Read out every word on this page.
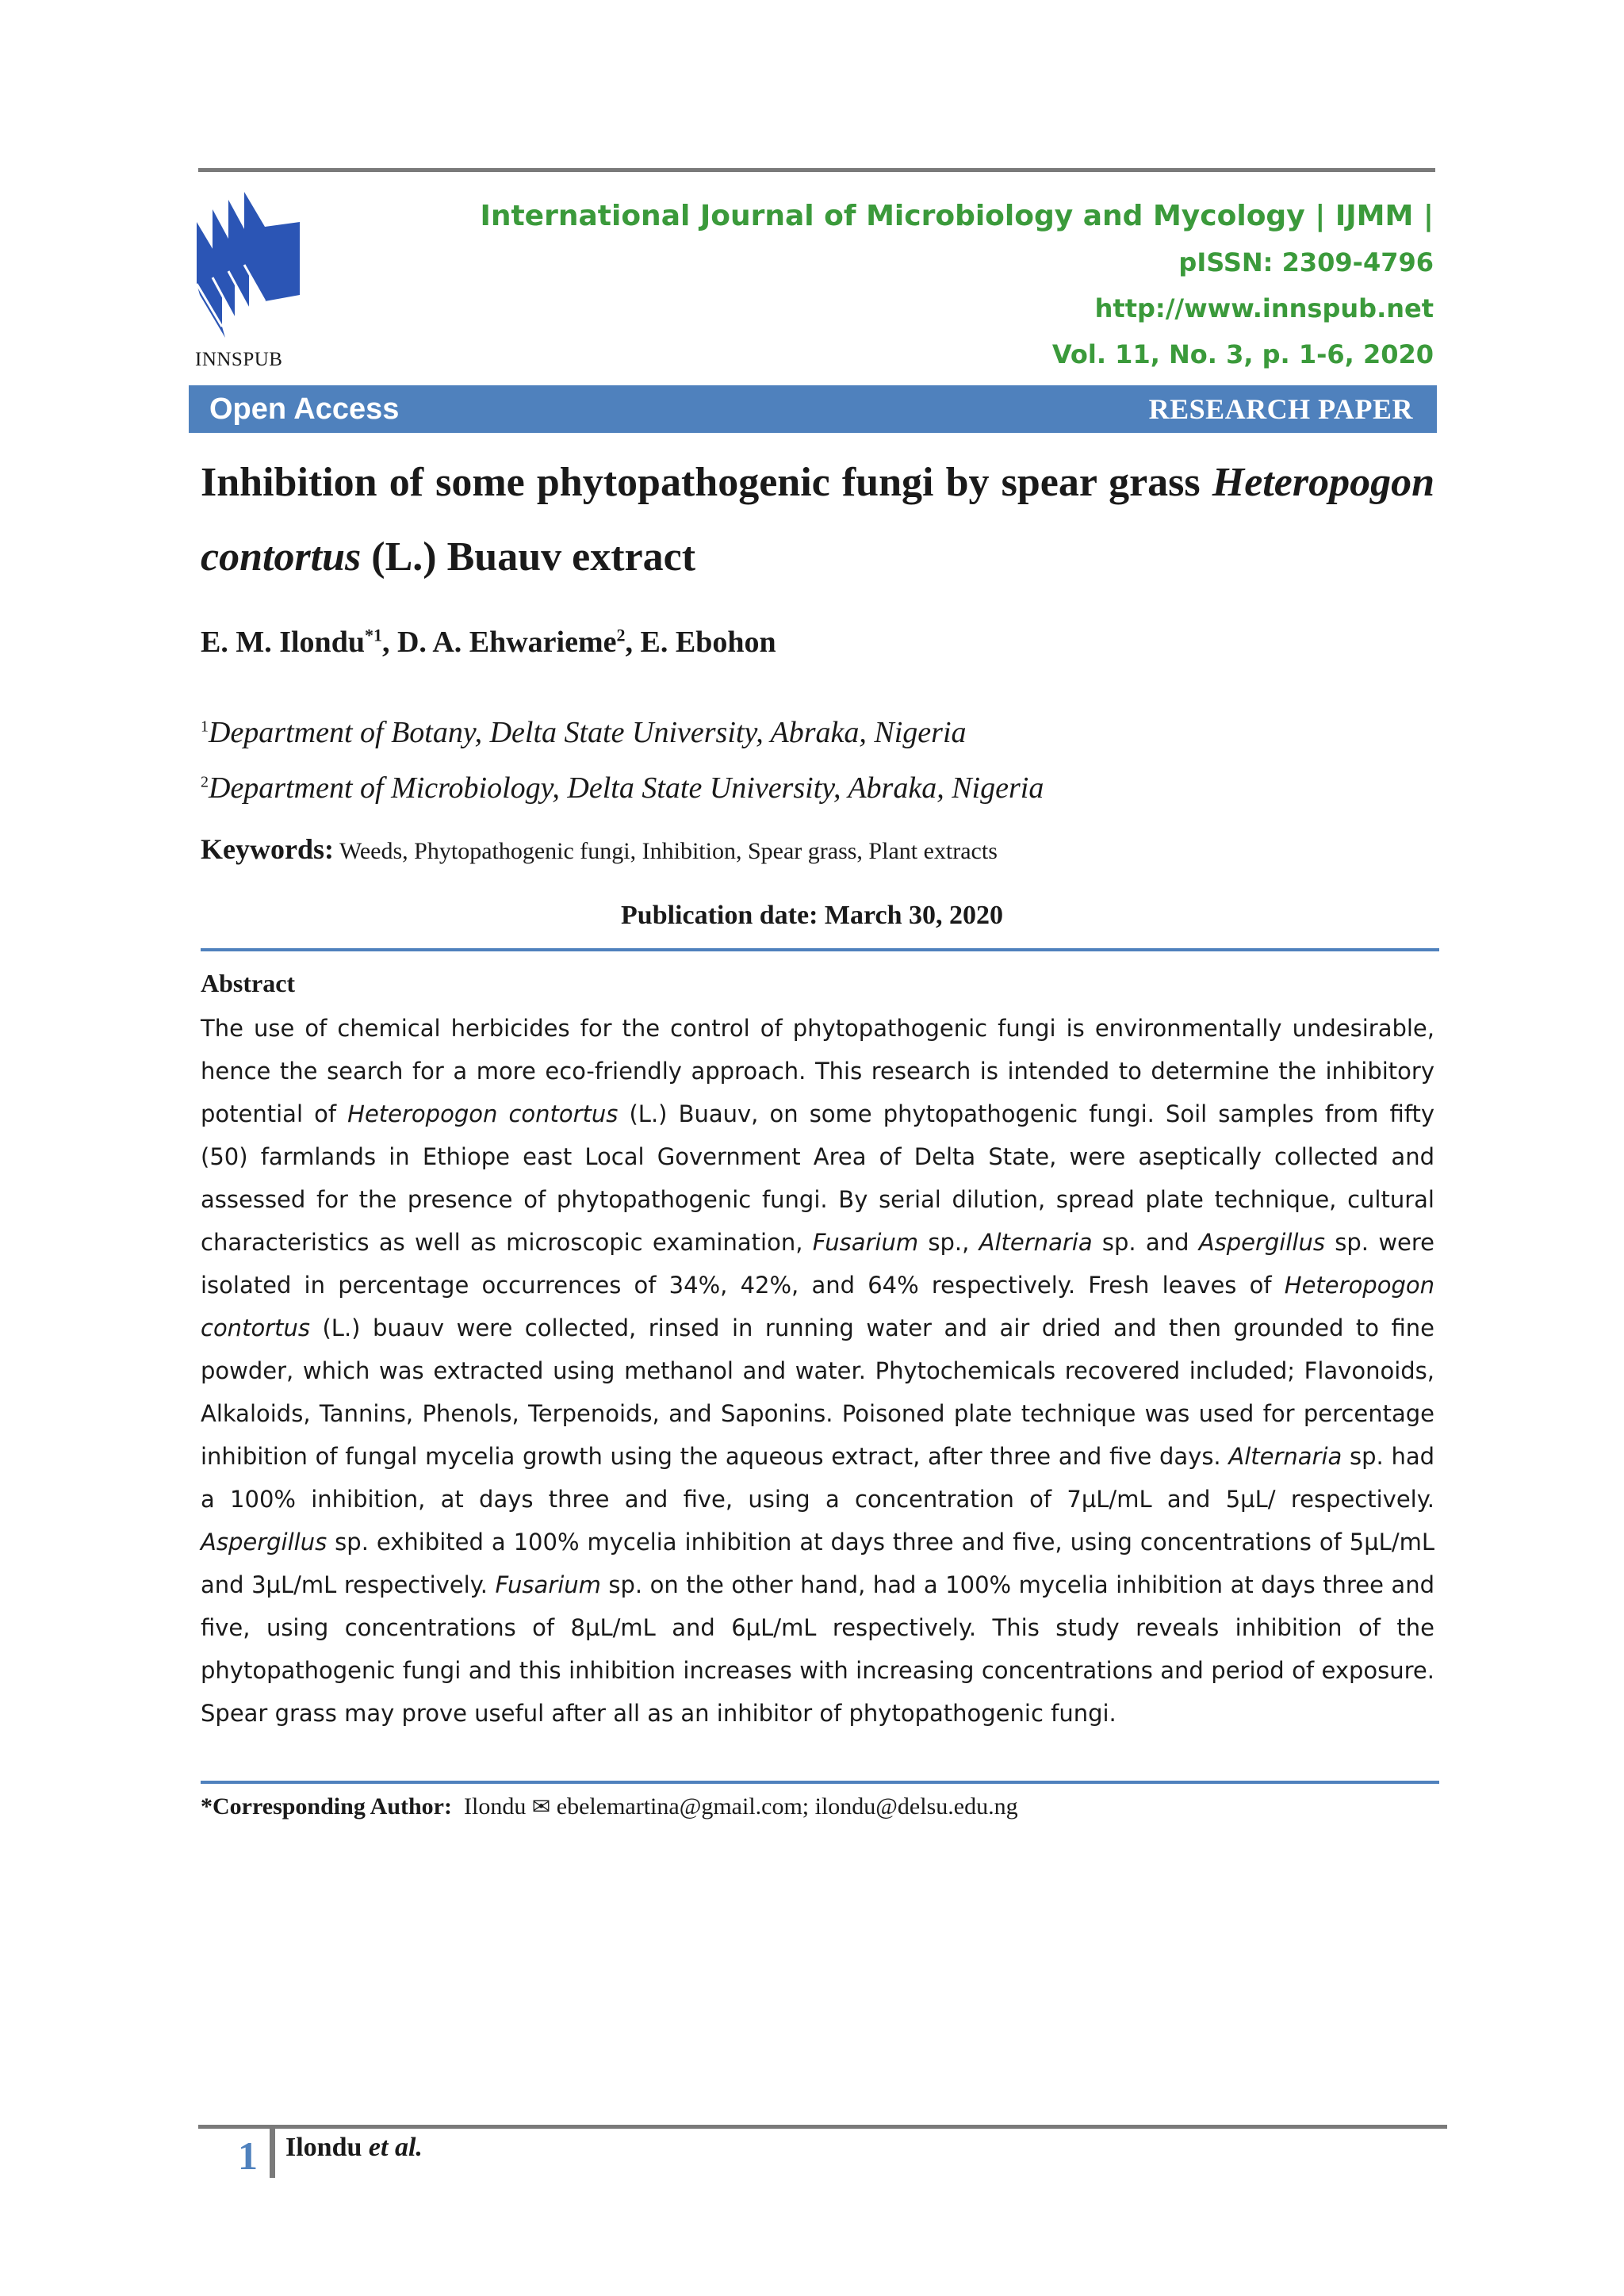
INNSPUB
International Journal of Microbiology and Mycology | IJMM |
pISSN: 2309-4796
http://www.innspub.net
Vol. 11, No. 3, p. 1-6, 2020
Open Access	RESEARCH PAPER
Inhibition of some phytopathogenic fungi by spear grass Heteropogon contortus (L.) Buauv extract
E. M. Ilondu$^{*1}$, D. A. Ehwarieme$^2$, E. Ebohon
$^1$Department of Botany, Delta State University, Abraka, Nigeria
$^2$Department of Microbiology, Delta State University, Abraka, Nigeria
Keywords: Weeds, Phytopathogenic fungi, Inhibition, Spear grass, Plant extracts
Publication date: March 30, 2020
Abstract
The use of chemical herbicides for the control of phytopathogenic fungi is environmentally undesirable, hence the search for a more eco-friendly approach. This research is intended to determine the inhibitory potential of Heteropogon contortus (L.) Buauv, on some phytopathogenic fungi. Soil samples from fifty (50) farmlands in Ethiope east Local Government Area of Delta State, were aseptically collected and assessed for the presence of phytopathogenic fungi. By serial dilution, spread plate technique, cultural characteristics as well as microscopic examination, Fusarium sp., Alternaria sp. and Aspergillus sp. were isolated in percentage occurrences of 34%, 42%, and 64% respectively. Fresh leaves of Heteropogon contortus (L.) buauv were collected, rinsed in running water and air dried and then grounded to fine powder, which was extracted using methanol and water. Phytochemicals recovered included; Flavonoids, Alkaloids, Tannins, Phenols, Terpenoids, and Saponins. Poisoned plate technique was used for percentage inhibition of fungal mycelia growth using the aqueous extract, after three and five days. Alternaria sp. had a 100% inhibition, at days three and five, using a concentration of 7µL/mL and 5µL/ respectively. Aspergillus sp. exhibited a 100% mycelia inhibition at days three and five, using concentrations of 5µL/mL and 3µL/mL respectively. Fusarium sp. on the other hand, had a 100% mycelia inhibition at days three and five, using concentrations of 8µL/mL and 6µL/mL respectively. This study reveals inhibition of the phytopathogenic fungi and this inhibition increases with increasing concentrations and period of exposure. Spear grass may prove useful after all as an inhibitor of phytopathogenic fungi.
*Corresponding Author: Ilondu ✉ ebelemartina@gmail.com; ilondu@delsu.edu.ng
1 Ilondu et al.
